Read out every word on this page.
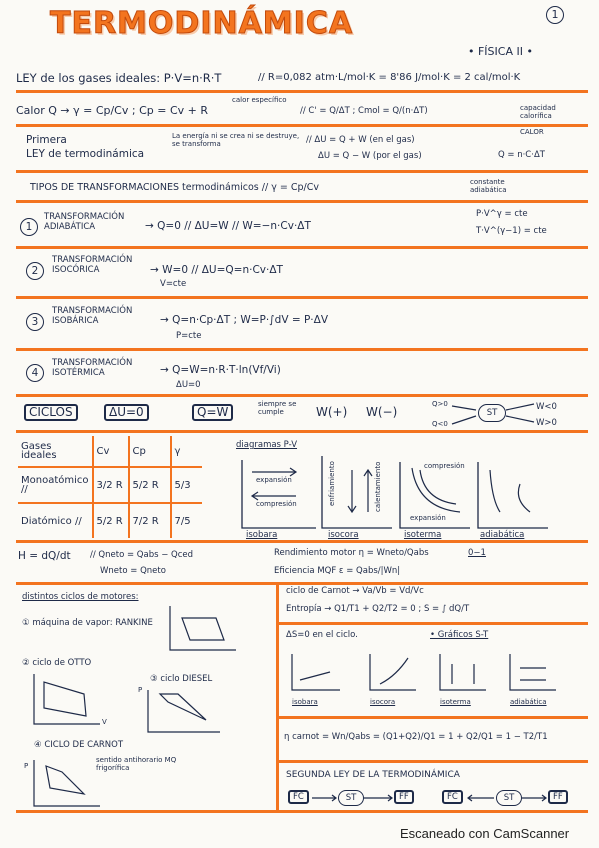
TERMODINÁMICA	1
• FÍSICA II •
LEY de los gases ideales: P·V=n·R·T	// R=0,082 atm·L/mol·K = 8'86 J/mol·K = 2 cal/mol·K
Calor Q → γ = Cp/Cv ; Cp = Cv + R
calor específico
// C' = Q/ΔT ; Cmol = Q/(n·ΔT)	capacidad calorífica
Primera
LEY de termodinámica
La energía ni se crea ni se destruye, se transforma	// ΔU = Q + W (en el gas)
ΔU = Q − W (por el gas)
CALOR
Q = n·C·ΔT
TIPOS DE TRANSFORMACIONES termodinámicos // γ = Cp/Cv	constante adiabática
1
TRANSFORMACIÓN ADIABÁTICA	→ Q=0 // ΔU=W // W=−n·Cv·ΔT
P·V^γ = cte
T·V^(γ−1) = cte
2
TRANSFORMACIÓN ISOCÓRICA	→ W=0 // ΔU=Q=n·Cv·ΔT
V=cte
3
TRANSFORMACIÓN ISOBÁRICA	→ Q=n·Cp·ΔT ; W=P·∫dV = P·ΔV
P=cte
4
TRANSFORMACIÓN ISOTÉRMICA	→ Q=W=n·R·T·ln(Vf/Vi)
ΔU=0
CICLOS	ΔU=0	Q=W
siempre se cumple	W(+) W(−)
Q>0
Q<0
ST
W<0
W>0
Gases ideales	Cv	Cp	γ
Monoatómico //	3/2 R	5/2 R	5/3
Diatómico //	5/2 R	7/2 R	7/5
diagramas P-V
expansión
compresión	enfriamiento	calentamiento	compresión
expansión
isobara	isocora	isoterma	adiabática
H = dQ/dt // Qneto = Qabs − Qced
Wneto = Qneto
Rendimiento motor η = Wneto/Qabs	0−1
Eficiencia MQF ε = Qabs/|Wn|
distintos ciclos de motores:
① máquina de vapor: RANKINE
② ciclo de OTTO
③ ciclo DIESEL
④ CICLO DE CARNOT
sentido antihorario MQ frigorífica
V
P
P
ciclo de Carnot → Va/Vb = Vd/Vc
Entropía → Q1/T1 + Q2/T2 = 0 ; S = ∫ dQ/T
ΔS=0 en el ciclo.	• Gráficos S-T
isobara	isocora	isoterma	adiabática
η carnot = Wn/Qabs = (Q1+Q2)/Q1 = 1 + Q2/Q1 = 1 − T2/T1
SEGUNDA LEY DE LA TERMODINÁMICA
FC	ST	FF	FC	ST	FF
Escaneado con CamScanner
